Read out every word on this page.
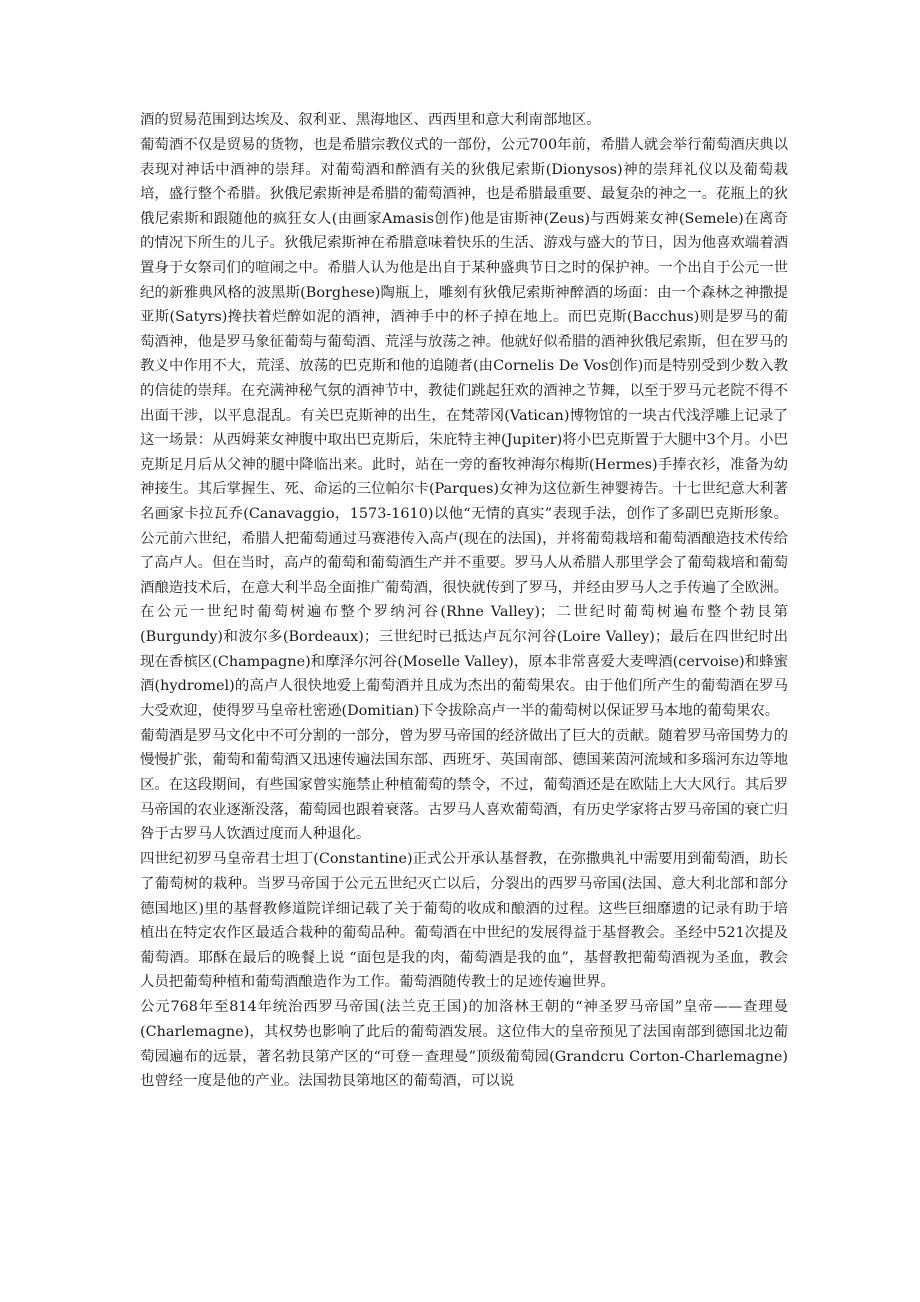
酒的贸易范围到达埃及、叙利亚、黑海地区、西西里和意大利南部地区。

葡萄酒不仅是贸易的货物，也是希腊宗教仪式的一部份，公元700年前，希腊人就会举行葡萄酒庆典以表现对神话中酒神的崇拜。对葡萄酒和醉酒有关的狄俄尼索斯(Dionysos)神的崇拜礼仪以及葡萄栽培，盛行整个希腊。狄俄尼索斯神是希腊的葡萄酒神，也是希腊最重要、最复杂的神之一。花瓶上的狄俄尼索斯和跟随他的疯狂女人(由画家Amasis创作)他是宙斯神(Zeus)与西姆莱女神(Semele)在离奇的情况下所生的儿子。狄俄尼索斯神在希腊意味着快乐的生活、游戏与盛大的节日，因为他喜欢端着酒置身于女祭司们的喧闹之中。希腊人认为他是出自于某种盛典节日之时的保护神。一个出自于公元一世纪的新雅典风格的波黑斯(Borghese)陶瓶上，雕刻有狄俄尼索斯神醉酒的场面：由一个森林之神撒提亚斯(Satyrs)搀扶着烂醉如泥的酒神，酒神手中的杯子掉在地上。而巴克斯(Bacchus)则是罗马的葡萄酒神，他是罗马象征葡萄与葡萄酒、荒淫与放荡之神。他就好似希腊的酒神狄俄尼索斯，但在罗马的教义中作用不大，荒淫、放荡的巴克斯和他的追随者(由Cornelis De Vos创作)而是特别受到少数入教的信徒的崇拜。在充满神秘气氛的酒神节中，教徒们跳起狂欢的酒神之节舞，以至于罗马元老院不得不出面干涉，以平息混乱。有关巴克斯神的出生，在梵蒂冈(Vatican)博物馆的一块古代浅浮雕上记录了这一场景：从西姆莱女神腹中取出巴克斯后，朱庇特主神(Jupiter)将小巴克斯置于大腿中3个月。小巴克斯足月后从父神的腿中降临出来。此时，站在一旁的畜牧神海尔梅斯(Hermes)手捧衣衫，准备为幼神接生。其后掌握生、死、命运的三位帕尔卡(Parques)女神为这位新生神婴祷告。十七世纪意大利著名画家卡拉瓦乔(Canavaggio，1573-1610)以他“无情的真实”表现手法，创作了多副巴克斯形象。公元前六世纪，希腊人把葡萄通过马赛港传入高卢(现在的法国)，并将葡萄栽培和葡萄酒酿造技术传给了高卢人。但在当时，高卢的葡萄和葡萄酒生产并不重要。罗马人从希腊人那里学会了葡萄栽培和葡萄酒酿造技术后，在意大利半岛全面推广葡萄酒，很快就传到了罗马，并经由罗马人之手传遍了全欧洲。在公元一世纪时葡萄树遍布整个罗纳河谷(Rhne Valley)；二世纪时葡萄树遍布整个勃艮第(Burgundy)和波尔多(Bordeaux)；三世纪时已抵达卢瓦尔河谷(Loire Valley)；最后在四世纪时出现在香槟区(Champagne)和摩泽尔河谷(Moselle Valley)，原本非常喜爱大麦啤酒(cervoise)和蜂蜜酒(hydromel)的高卢人很快地爱上葡萄酒并且成为杰出的葡萄果农。由于他们所产生的葡萄酒在罗马大受欢迎，使得罗马皇帝杜密逊(Domitian)下令拔除高卢一半的葡萄树以保证罗马本地的葡萄果农。

葡萄酒是罗马文化中不可分割的一部分，曾为罗马帝国的经济做出了巨大的贡献。随着罗马帝国势力的慢慢扩张，葡萄和葡萄酒又迅速传遍法国东部、西班牙、英国南部、德国莱茵河流域和多瑙河东边等地区。在这段期间，有些国家曾实施禁止种植葡萄的禁令，不过，葡萄酒还是在欧陆上大大风行。其后罗马帝国的农业逐渐没落，葡萄园也跟着衰落。古罗马人喜欢葡萄酒，有历史学家将古罗马帝国的衰亡归咎于古罗马人饮酒过度而人种退化。

四世纪初罗马皇帝君士坦丁(Constantine)正式公开承认基督教，在弥撒典礼中需要用到葡萄酒，助长了葡萄树的栽种。当罗马帝国于公元五世纪灭亡以后，分裂出的西罗马帝国(法国、意大利北部和部分德国地区)里的基督教修道院详细记载了关于葡萄的收成和酿酒的过程。这些巨细靡遗的记录有助于培植出在特定农作区最适合栽种的葡萄品种。葡萄酒在中世纪的发展得益于基督教会。圣经中521次提及葡萄酒。耶酥在最后的晚餐上说 “面包是我的肉，葡萄酒是我的血”，基督教把葡萄酒视为圣血，教会人员把葡萄种植和葡萄酒酿造作为工作。葡萄酒随传教士的足迹传遍世界。

公元768年至814年统治西罗马帝国(法兰克王国)的加洛林王朝的“神圣罗马帝国”皇帝——查理曼(Charlemagne)，其权势也影响了此后的葡萄酒发展。这位伟大的皇帝预见了法国南部到德国北边葡萄园遍布的远景，著名勃艮第产区的“可登－查理曼”顶级葡萄园(Grandcru Corton-Charlemagne)也曾经一度是他的产业。法国勃艮第地区的葡萄酒，可以说
